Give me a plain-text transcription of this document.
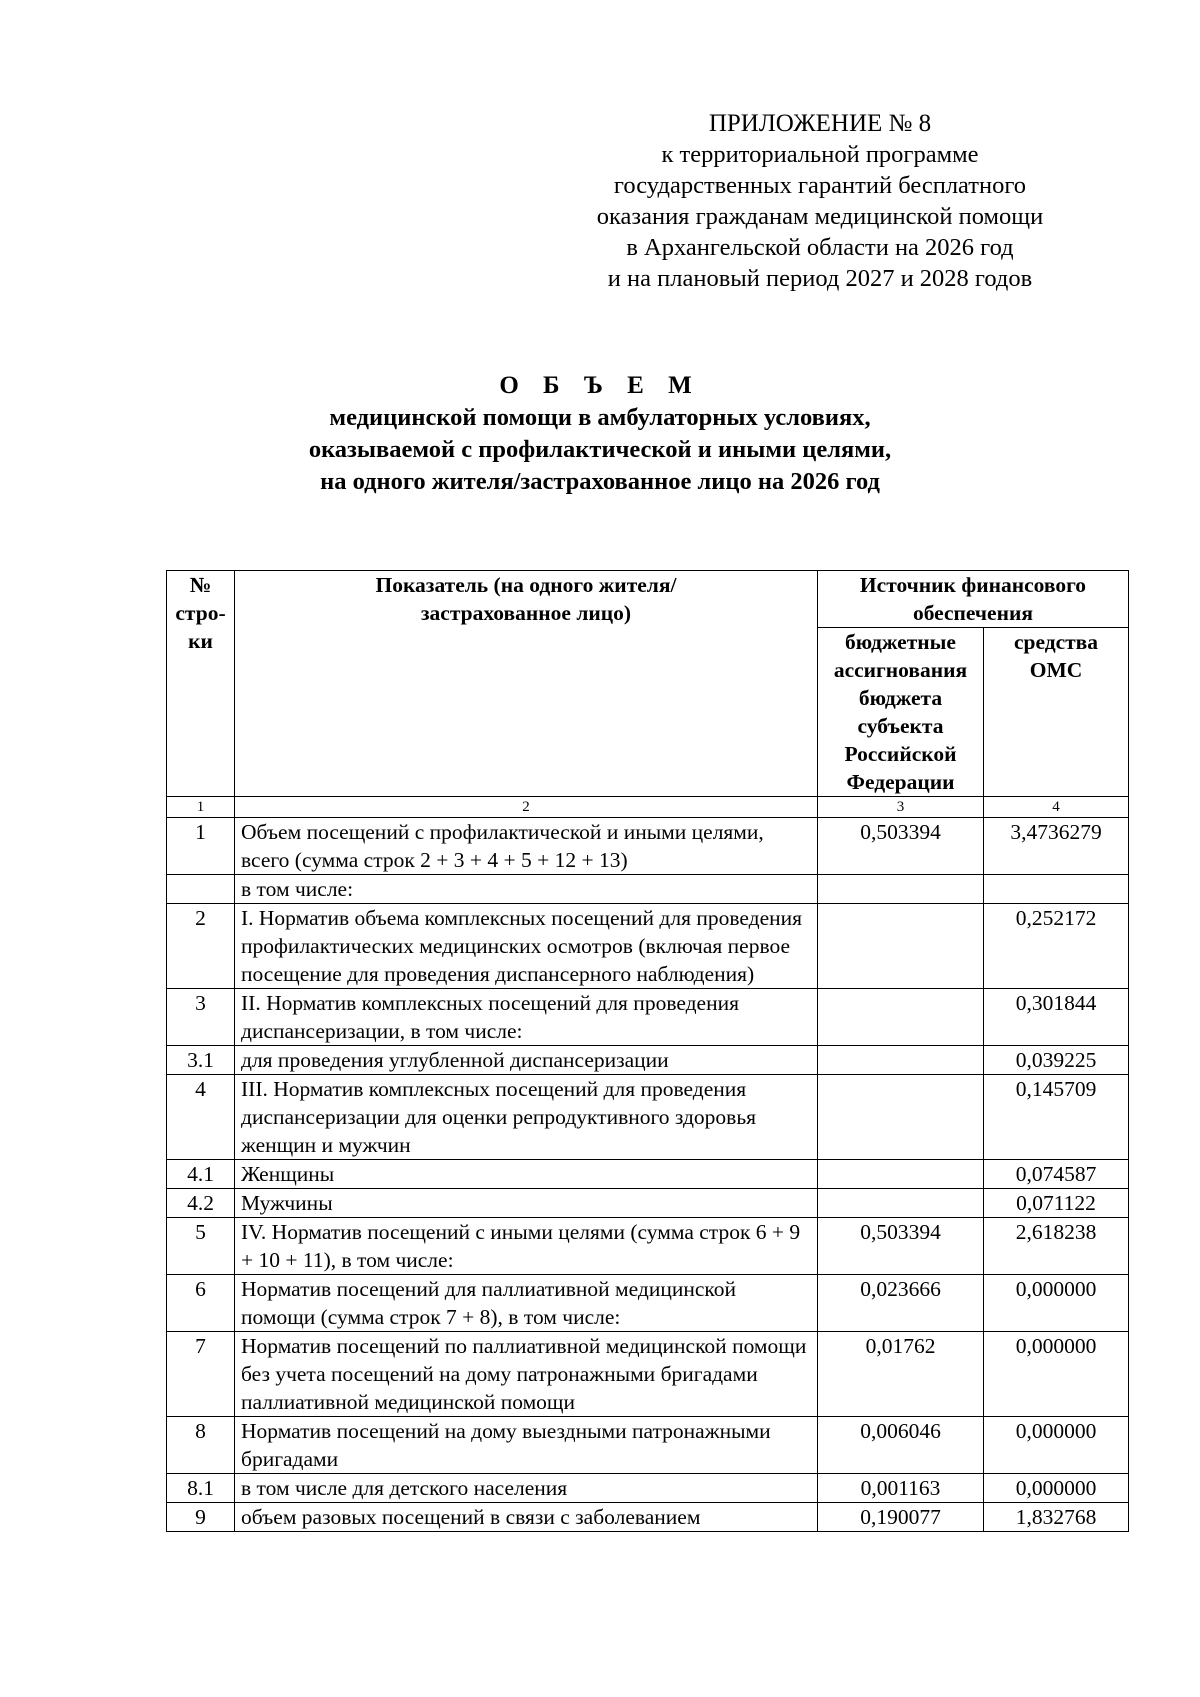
ПРИЛОЖЕНИЕ № 8
к территориальной программе
государственных гарантий бесплатного
оказания гражданам медицинской помощи
в Архангельской области на 2026 год
и на плановый период 2027 и 2028 годов
О Б Ъ Е М
медицинской помощи в амбулаторных условиях,
оказываемой с профилактической и иными целями,
на одного жителя/застрахованное лицо на 2026 год
№ стро-ки	Показатель (на одного жителя/ застрахованное лицо)	Источник финансового обеспечения	
		бюджетные ассигнования бюджета субъекта Российской Федерации	средства ОМС
1	2	3	4
1	Объем посещений с профилактической и иными целями, всего (сумма строк 2 + 3 + 4 + 5 + 12 + 13)	0,503394	3,4736279
	в том числе:		
2	I. Норматив объема комплексных посещений для проведения профилактических медицинских осмотров (включая первое посещение для проведения диспансерного наблюдения)		0,252172
3	II. Норматив комплексных посещений для проведения диспансеризации, в том числе:		0,301844
3.1	для проведения углубленной диспансеризации		0,039225
4	III. Норматив комплексных посещений для проведения диспансеризации для оценки репродуктивного здоровья женщин и мужчин		0,145709
4.1	Женщины		0,074587
4.2	Мужчины		0,071122
5	IV. Норматив посещений с иными целями (сумма строк 6 + 9 + 10 + 11), в том числе:	0,503394	2,618238
6	Норматив посещений для паллиативной медицинской помощи (сумма строк 7 + 8), в том числе:	0,023666	0,000000
7	Норматив посещений по паллиативной медицинской помощи без учета посещений на дому патронажными бригадами паллиативной медицинской помощи	0,01762	0,000000
8	Норматив посещений на дому выездными патронажными бригадами	0,006046	0,000000
8.1	в том числе для детского населения	0,001163	0,000000
9	объем разовых посещений в связи с заболеванием	0,190077	1,832768
